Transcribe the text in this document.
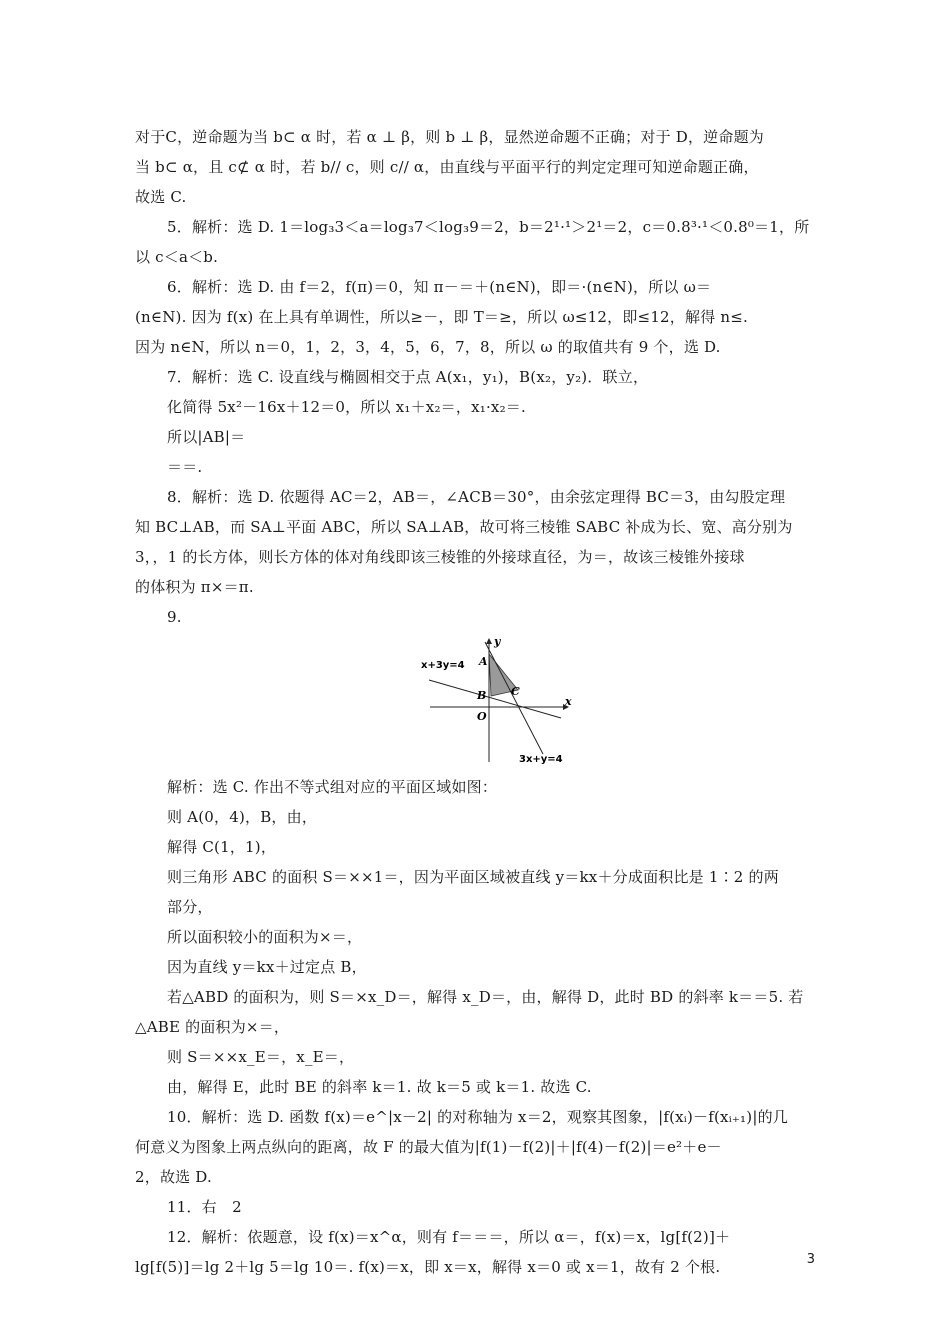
对于C，逆命题为当 b⊂ α 时，若 α ⊥ β，则 b ⊥ β，显然逆命题不正确；对于 D，逆命题为
当 b⊂ α，且 c⊄ α 时，若 b// c，则 c// α，由直线与平面平行的判定定理可知逆命题正确，
故选 C.
5．解析：选 D. 1＝log₃3＜a＝log₃7＜log₃9＝2，b＝2¹·¹＞2¹＝2，c＝0.8³·¹＜0.8⁰＝1，所
以 c＜a＜b.
6．解析：选 D. 由 f＝2，f(π)＝0，知 π－＝＋(n∈N)，即＝·(n∈N)，所以 ω＝
(n∈N). 因为 f(x) 在上具有单调性，所以≥－，即 T＝≥，所以 ω≤12，即≤12，解得 n≤.
因为 n∈N，所以 n＝0，1，2，3，4，5，6，7，8，所以 ω 的取值共有 9 个，选 D.
7．解析：选 C. 设直线与椭圆相交于点 A(x₁，y₁)，B(x₂，y₂)．联立，
化简得 5x²－16x＋12＝0，所以 x₁＋x₂＝，x₁·x₂＝.
所以|AB|＝
＝＝.
8．解析：选 D. 依题得 AC＝2，AB＝，∠ACB＝30°，由余弦定理得 BC＝3，由勾股定理
知 BC⊥AB，而 SA⊥平面 ABC，所以 SA⊥AB，故可将三棱锥 SABC 补成为长、宽、高分别为
3，，1 的长方体，则长方体的体对角线即该三棱锥的外接球直径，为＝，故该三棱锥外接球
的体积为 π×＝π.
9.
x+3y=4
3x+y=4
A
B C
O
x
y
解析：选 C. 作出不等式组对应的平面区域如图：
则 A(0，4)，B，由，
解得 C(1，1)，
则三角形 ABC 的面积 S＝××1＝，因为平面区域被直线 y＝kx＋分成面积比是 1∶2 的两
部分，
所以面积较小的面积为×＝，
因为直线 y＝kx＋过定点 B，
若△ABD 的面积为，则 S＝×x_D＝，解得 x_D＝，由，解得 D，此时 BD 的斜率 k＝＝5. 若
△ABE 的面积为×＝，
则 S＝××x_E＝，x_E＝，
由，解得 E，此时 BE 的斜率 k＝1. 故 k＝5 或 k＝1. 故选 C.
10．解析：选 D. 函数 f(x)＝e^|x－2| 的对称轴为 x＝2，观察其图象，|f(xᵢ)－f(xᵢ₊₁)|的几
何意义为图象上两点纵向的距离，故 F 的最大值为|f(1)－f(2)|＋|f(4)－f(2)|＝e²＋e－
2，故选 D.
11．右　2
12．解析：依题意，设 f(x)＝x^α，则有 f＝＝＝，所以 α＝，f(x)＝x，lg[f(2)]＋
lg[f(5)]＝lg 2＋lg 5＝lg 10＝. f(x)＝x，即 x＝x，解得 x＝0 或 x＝1，故有 2 个根.	3
